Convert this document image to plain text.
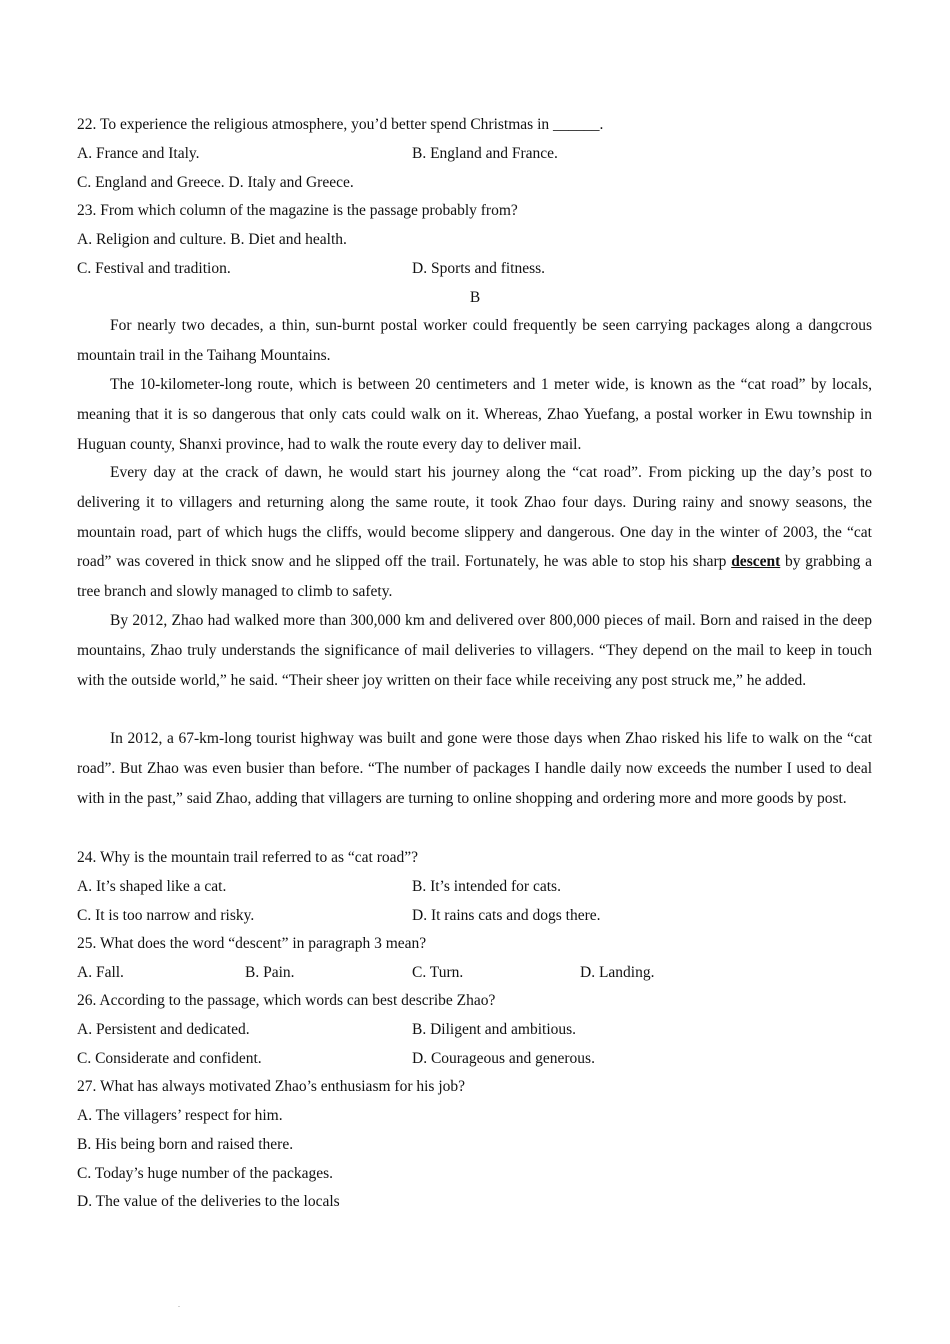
22. To experience the religious atmosphere, you’d better spend Christmas in ______.
A. France and Italy.	B. England and France.
C. England and Greece. D. Italy and Greece.
23. From which column of the magazine is the passage probably from?
A. Religion and culture. B. Diet and health.
C. Festival and tradition.	D. Sports and fitness.
B

For nearly two decades, a thin, sun-burnt postal worker could frequently be seen carrying packages along a dangcrous mountain trail in the Taihang Mountains.

The 10-kilometer-long route, which is between 20 centimeters and 1 meter wide, is known as the “cat road” by locals, meaning that it is so dangerous that only cats could walk on it. Whereas, Zhao Yuefang, a postal worker in Ewu township in Huguan county, Shanxi province, had to walk the route every day to deliver mail.

Every day at the crack of dawn, he would start his journey along the “cat road”. From picking up the day’s post to delivering it to villagers and returning along the same route, it took Zhao four days. During rainy and snowy seasons, the mountain road, part of which hugs the cliffs, would become slippery and dangerous. One day in the winter of 2003, the “cat road” was covered in thick snow and he slipped off the trail. Fortunately, he was able to stop his sharp descent by grabbing a tree branch and slowly managed to climb to safety.

By 2012, Zhao had walked more than 300,000 km and delivered over 800,000 pieces of mail. Born and raised in the deep mountains, Zhao truly understands the significance of mail deliveries to villagers. “They depend on the mail to keep in touch with the outside world,” he said. “Their sheer joy written on their face while receiving any post struck me,” he added.

In 2012, a 67-km-long tourist highway was built and gone were those days when Zhao risked his life to walk on the “cat road”. But Zhao was even busier than before. “The number of packages I handle daily now exceeds the number I used to deal with in the past,” said Zhao, adding that villagers are turning to online shopping and ordering more and more goods by post.

24. Why is the mountain trail referred to as “cat road”?
A. It’s shaped like a cat.	B. It’s intended for cats.
C. It is too narrow and risky.	D. It rains cats and dogs there.
25. What does the word “descent” in paragraph 3 mean?
A. Fall.	B. Pain.	C. Turn.	D. Landing.
26. According to the passage, which words can best describe Zhao?
A. Persistent and dedicated.	B. Diligent and ambitious.
C. Considerate and confident.	D. Courageous and generous.
27. What has always motivated Zhao’s enthusiasm for his job?
A. The villagers’ respect for him.
B. His being born and raised there.
C. Today’s huge number of the packages.
D. The value of the deliveries to the locals
.
